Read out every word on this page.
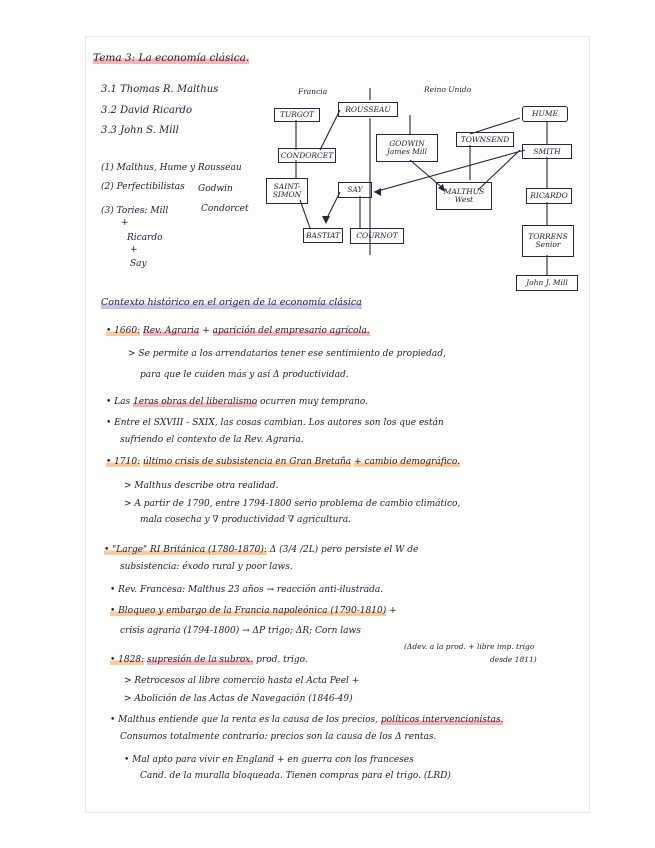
Tema 3: La economía clásica.
3.1 Thomas R. Malthus
3.2 David Ricardo
3.3 John S. Mill
(1) Malthus, Hume y Rousseau
(2) Perfectibilistas Godwin
Condorcet
(3) Tories: Mill
+
Ricardo
+
Say
Francia	Reino Unido
TURGOT
ROUSSEAU	HUME
CONDORCET
GODWIN
James Mill
TOWNSEND
SMITH
SAINT-
SIMON
SAY	MALTHUS
West	RICARDO
BASTIAT	COURNOT	TORRENS
Senior
John J. Mill
Contexto histórico en el origen de la economía clásica
• 1660: Rev. Agraria + aparición del empresario agrícola.
> Se permite a los arrendatarios tener ese sentimiento de propiedad,
para que le cuiden más y así Δ productividad.
• Las 1eras obras del liberalismo ocurren muy temprano.
• Entre el SXVIII - SXIX, las cosas cambian. Los autores son los que están
sufriendo el contexto de la Rev. Agraria.
• 1710: último crisis de subsistencia en Gran Bretaña + cambio demográfico.
> Malthus describe otra realidad.
> A partir de 1790, entre 1794-1800 serio problema de cambio climático,
mala cosecha y ∇ productividad ∇ agricultura.
• "Large" RI Británica (1780-1870): Δ (3/4 /2L) pero persiste el W de
subsistencia: éxodo rural y poor laws.
• Rev. Francesa: Malthus 23 años → reacción anti-ilustrada.
• Bloqueo y embargo de la Francia napoleónica (1790-1810) +
crisis agraria (1794-1800) → ΔP trigo; ΔR; Corn laws
• 1828: supresión de la subrox. prod. trigo.
(Δdev. a la prod. + libre imp. trigo
desde 1811)
> Retrocesos al libre comercio hasta el Acta Peel +
> Abolición de las Actas de Navegación (1846-49)
• Malthus entiende que la renta es la causa de los precios, políticos intervencionistas.
Consumos totalmente contrario: precios son la causa de los Δ rentas.
• Mal apto para vivir en England + en guerra con los franceses
Cand. de la muralla bloqueada. Tienen compras para el trigo. (LRD)
